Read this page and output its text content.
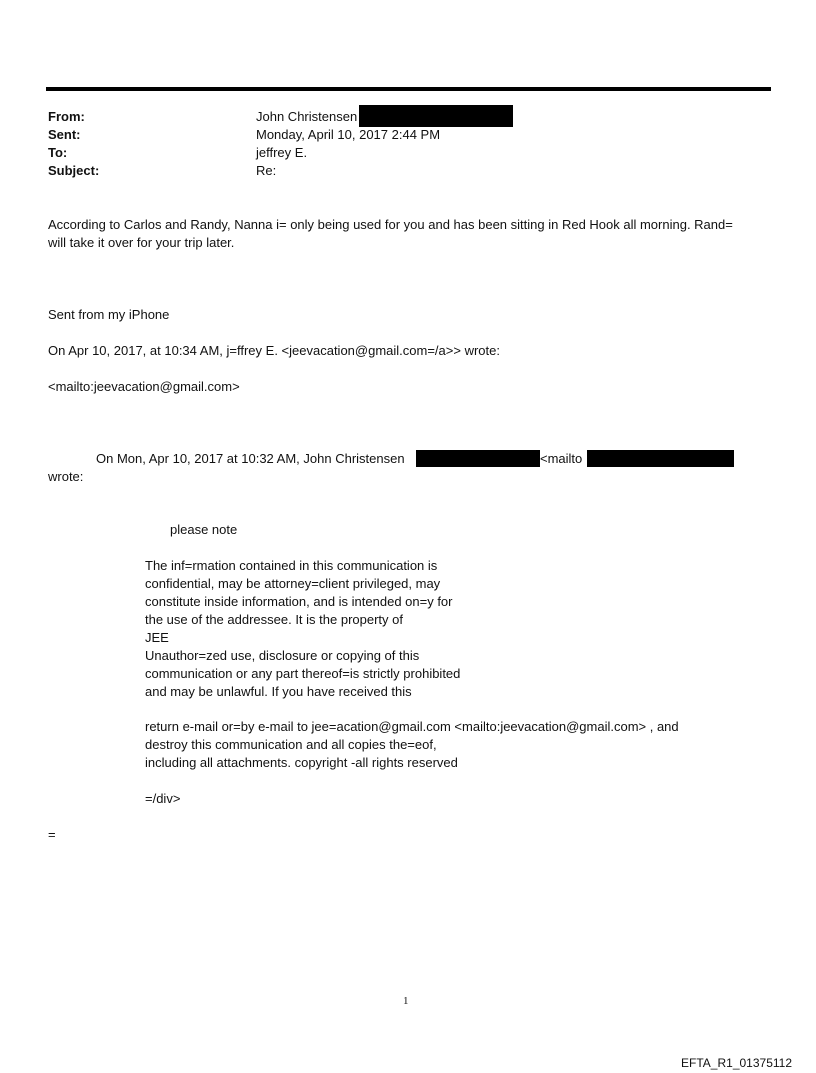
From:	John Christensen
Sent:	Monday, April 10, 2017 2:44 PM
To:	jeffrey E.
Subject:	Re:
According to Carlos and Randy, Nanna i= only being used for you and has been sitting in Red Hook all morning. Rand=
will take it over for your trip later.
Sent from my iPhone
On Apr 10, 2017, at 10:34 AM, j=ffrey E. <jeevacation@gmail.com=/a>> wrote:
<mailto:jeevacation@gmail.com>
On Mon, Apr 10, 2017 at 10:32 AM, John Christensen	<mailto
wrote:
please note
The inf=rmation contained in this communication is
confidential, may be attorney=client privileged, may
constitute inside information, and is intended on=y for
the use of the addressee. It is the property of
JEE
Unauthor=zed use, disclosure or copying of this
communication or any part thereof=is strictly prohibited
and may be unlawful. If you have received this
return e-mail or=by e-mail to jee=acation@gmail.com <mailto:jeevacation@gmail.com> , and
destroy this communication and all copies the=eof,
including all attachments. copyright -all rights reserved
=/div>
=
1
EFTA_R1_01375112
